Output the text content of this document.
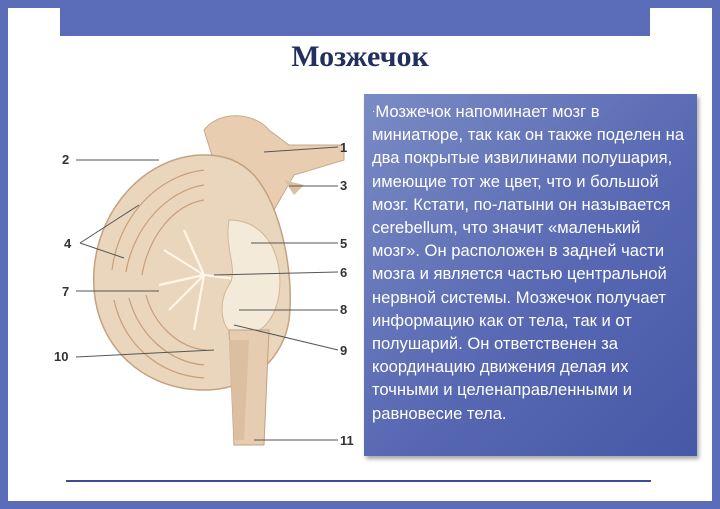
Мозжечок
1
2
3
4	5
6
7
8
9
10
11

·Мозжечок напоминает мозг в миниатюре, так как он также поделен на два покрытые извилинами полушария, имеющие тот же цвет, что и большой мозг. Кстати, по-латыни он называется cerebellum, что значит «маленький мозг». Он расположен в задней части мозга и является частью центральной нервной системы. Мозжечок получает информацию как от тела, так и от полушарий. Он ответственен за координацию движения делая их точными и целенаправленными и равновесие тела.
